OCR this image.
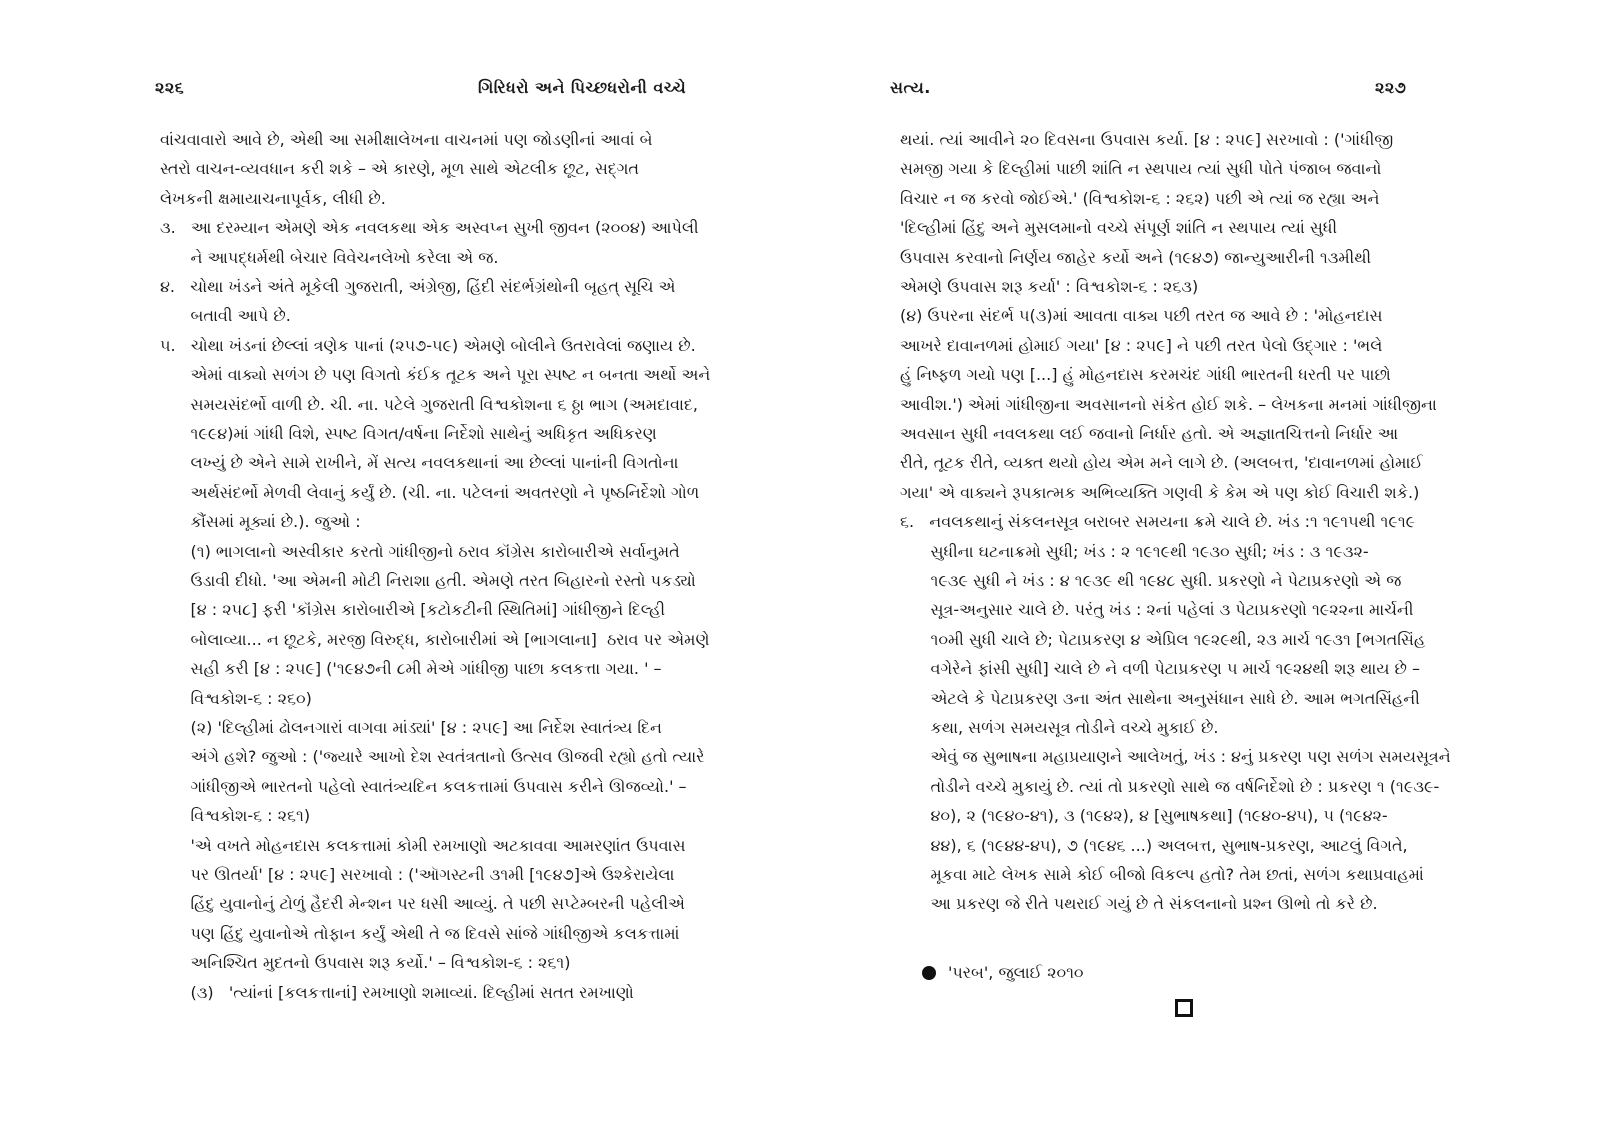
૨૨૬	ગિરિધરો અને પિચ્છધરોની વચ્ચે
વાંચવાવારો આવે છે, એથી આ સમીક્ષાલેખના વાચનમાં પણ જોડણીનાં આવાં બે
સ્તરો વાચન-વ્યવધાન કરી શકે – એ કારણે, મૂળ સાથે એટલીક છૂટ, સદ્‌ગત
લેખકની ક્ષમાયાચનાપૂર્વક, લીધી છે.
૩.   આ દરમ્યાન એમણે એક નવલકથા એક અસ્વપ્ન સુખી જીવન (૨૦૦૪) આપેલી
ને આપદ્‌ધર્મથી બેચાર વિવેચનલેખો કરેલા એ જ.
૪.   ચોથા ખંડને અંતે મૂકેલી ગુજરાતી, અંગ્રેજી, હિંદી સંદર્ભગ્રંથોની બૃહત્‌ સૂચિ એ
બતાવી આપે છે.
૫.   ચોથા ખંડનાં છેલ્લાં ત્રણેક પાનાં (૨૫૭-૫૯) એમણે બોલીને ઉતરાવેલાં જણાય છે.
એમાં વાક્યો સળંગ છે પણ વિગતો કંઈક તૂટક અને પૂરા સ્પષ્ટ ન બનતા અર્થો અને
સમયસંદર્ભો વાળી છે. ચી. ના. પટેલે ગુજરાતી વિશ્વકોશના ૬ ઠ્ઠા ભાગ (અમદાવાદ,
૧૯૯૪)માં ગાંધી વિશે, સ્પષ્ટ વિગત/વર્ષના નિર્દેશો સાથેનું અધિકૃત અધિકરણ
લખ્યું છે એને સામે રાખીને, મેં સત્ય નવલકથાનાં આ છેલ્લાં પાનાંની વિગતોના
અર્થસંદર્ભો મેળવી લેવાનું કર્યું છે. (ચી. ના. પટેલનાં અવતરણો ને પૃષ્ઠનિર્દેશો ગોળ
કૌંસમાં મૂક્યાં છે.). જુઓ :
(૧) ભાગલાનો અસ્વીકાર કરતો ગાંધીજીનો ઠરાવ કૉંગ્રેસ કારોબારીએ સર્વાનુમતે
ઉડાવી દીધો. 'આ એમની મોટી નિરાશા હતી. એમણે તરત બિહારનો રસ્તો પકડ્યો
[૪ : ૨૫૮] ફરી 'કૉંગ્રેસ કારોબારીએ [કટોકટીની સ્થિતિમાં] ગાંધીજીને દિલ્હી
બોલાવ્યા... ન છૂટકે, મરજી વિરુદ્ધ, કારોબારીમાં એ [ભાગલાના]  ઠરાવ પર એમણે
સહી કરી [૪ : ૨૫૯] ('૧૯૪૭ની ૮મી મેએ ગાંધીજી પાછા કલકત્તા ગયા. ' –
વિશ્વકોશ-૬ : ૨૬૦)
(૨) 'દિલ્હીમાં ઢોલનગારાં વાગવા માંડ્યાં' [૪ : ૨૫૯] આ નિર્દેશ સ્વાતંત્ર્ય દિન
અંગે હશે? જુઓ : ('જ્યારે આખો દેશ સ્વતંત્રતાનો ઉત્સવ ઊજવી રહ્યો હતો ત્યારે
ગાંધીજીએ ભારતનો પહેલો સ્વાતંત્ર્યદિન કલકત્તામાં ઉપવાસ કરીને ઊજવ્યો.' –
વિશ્વકોશ-૬ : ૨૬૧)
'એ વખતે મોહનદાસ કલકત્તામાં કોમી રમખાણો અટકાવવા આમરણાંત ઉપવાસ
પર ઊતર્યા' [૪ : ૨૫૯] સરખાવો : ('ઑગસ્ટની ૩૧મી [૧૯૪૭]એ ઉશ્કેરાયેલા
હિંદુ યુવાનોનું ટોળું હૈદરી મેન્શન પર ધસી આવ્યું. તે પછી સપ્ટેમ્બરની પહેલીએ
પણ હિંદુ યુવાનોએ તોફાન કર્યું એથી તે જ દિવસે સાંજે ગાંધીજીએ કલકત્તામાં
અનિશ્ચિત મુદતનો ઉપવાસ શરૂ કર્યો.' – વિશ્વકોશ-૬ : ૨૬૧)
(૩)   'ત્યાંનાં [કલકત્તાનાં] રમખાણો શમાવ્યાં. દિલ્હીમાં સતત રમખાણો
સત્ય.	૨૨૭
થયાં. ત્યાં આવીને ૨૦ દિવસના ઉપવાસ કર્યા. [૪ : ૨૫૯] સરખાવો : ('ગાંધીજી
સમજી ગયા કે દિલ્હીમાં પાછી શાંતિ ન સ્થપાય ત્યાં સુધી પોતે પંજાબ જવાનો
વિચાર ન જ કરવો જોઈએ.' (વિશ્વકોશ-૬ : ૨૬૨) પછી એ ત્યાં જ રહ્યા અને
'દિલ્હીમાં હિંદુ અને મુસલમાનો વચ્ચે સંપૂર્ણ શાંતિ ન સ્થપાય ત્યાં સુધી
ઉપવાસ કરવાનો નિર્ણય જાહેર કર્યો અને (૧૯૪૭) જાન્યુઆરીની ૧૩મીથી
એમણે ઉપવાસ શરૂ કર્યા' : વિશ્વકોશ-૬ : ૨૬૩)
(૪) ઉપરના સંદર્ભ ૫(૩)માં આવતા વાક્ય પછી તરત જ આવે છે : 'મોહનદાસ
આખરે દાવાનળમાં હોમાઈ ગયા' [૪ : ૨૫૯] ને પછી તરત પેલો ઉદ્‌ગાર : 'ભલે
હું નિષ્ફળ ગયો પણ [...] હું મોહનદાસ કરમચંદ ગાંધી ભારતની ધરતી પર પાછો
આવીશ.') એમાં ગાંધીજીના અવસાનનો સંકેત હોઈ શકે. – લેખકના મનમાં ગાંધીજીના
અવસાન સુધી નવલકથા લઈ જવાનો નિર્ધાર હતો. એ અજ્ઞાતચિત્તનો નિર્ધાર આ
રીતે, તૂટક રીતે, વ્યક્ત થયો હોય એમ મને લાગે છે. (અલબત્ત, 'દાવાનળમાં હોમાઈ
ગયા' એ વાક્યને રૂપકાત્મક અભિવ્યક્તિ ગણવી કે કેમ એ પણ કોઈ વિચારી શકે.)
૬.   નવલકથાનું સંકલનસૂત્ર બરાબર સમયના ક્રમે ચાલે છે. ખંડ :૧ ૧૯૧૫થી ૧૯૧૯
સુધીના ઘટનાક્રમો સુધી; ખંડ : ૨ ૧૯૧૯થી ૧૯૩૦ સુધી; ખંડ : ૩ ૧૯૩૨-
૧૯૩૯ સુધી ને ખંડ : ૪ ૧૯૩૯ થી ૧૯૪૮ સુધી. પ્રકરણો ને પેટાપ્રકરણો એ જ
સૂત્ર-અનુસાર ચાલે છે. પરંતુ ખંડ : ૨નાં પહેલાં ૩ પેટાપ્રકરણો ૧૯૨૨ના માર્ચની
૧૦મી સુધી ચાલે છે; પેટાપ્રકરણ ૪ એપ્રિલ ૧૯૨૯થી, ૨૩ માર્ચ ૧૯૩૧ [ભગતસિંહ
વગેરેને ફાંસી સુધી] ચાલે છે ને વળી પેટાપ્રકરણ ૫ માર્ચ ૧૯૨૪થી શરૂ થાય છે –
એટલે કે પેટાપ્રકરણ ૩ના અંત સાથેના અનુસંધાન સાધે છે. આમ ભગતસિંહની
કથા, સળંગ સમયસૂત્ર તોડીને વચ્ચે મુકાઈ છે.
એવું જ સુભાષના મહાપ્રયાણને આલેખતું, ખંડ : ૪નું પ્રકરણ પણ સળંગ સમયસૂત્રને
તોડીને વચ્ચે મુકાયું છે. ત્યાં તો પ્રકરણો સાથે જ વર્ષનિર્દેશો છે : પ્રકરણ ૧ (૧૯૩૯-
૪૦), ૨ (૧૯૪૦-૪૧), ૩ (૧૯૪૨), ૪ [સુભાષકથા] (૧૯૪૦-૪૫), ૫ (૧૯૪૨-
૪૪), ૬ (૧૯૪૪-૪૫), ૭ (૧૯૪૬ ...) અલબત્ત, સુભાષ-પ્રકરણ, આટલું વિગતે,
મૂકવા માટે લેખક સામે કોઈ બીજો વિકલ્પ હતો? તેમ છતાં, સળંગ કથાપ્રવાહમાં
આ પ્રકરણ જે રીતે પથરાઈ ગયું છે તે સંકલનાનો પ્રશ્ન ઊભો તો કરે છે.
'પરબ', જુલાઈ ૨૦૧૦
